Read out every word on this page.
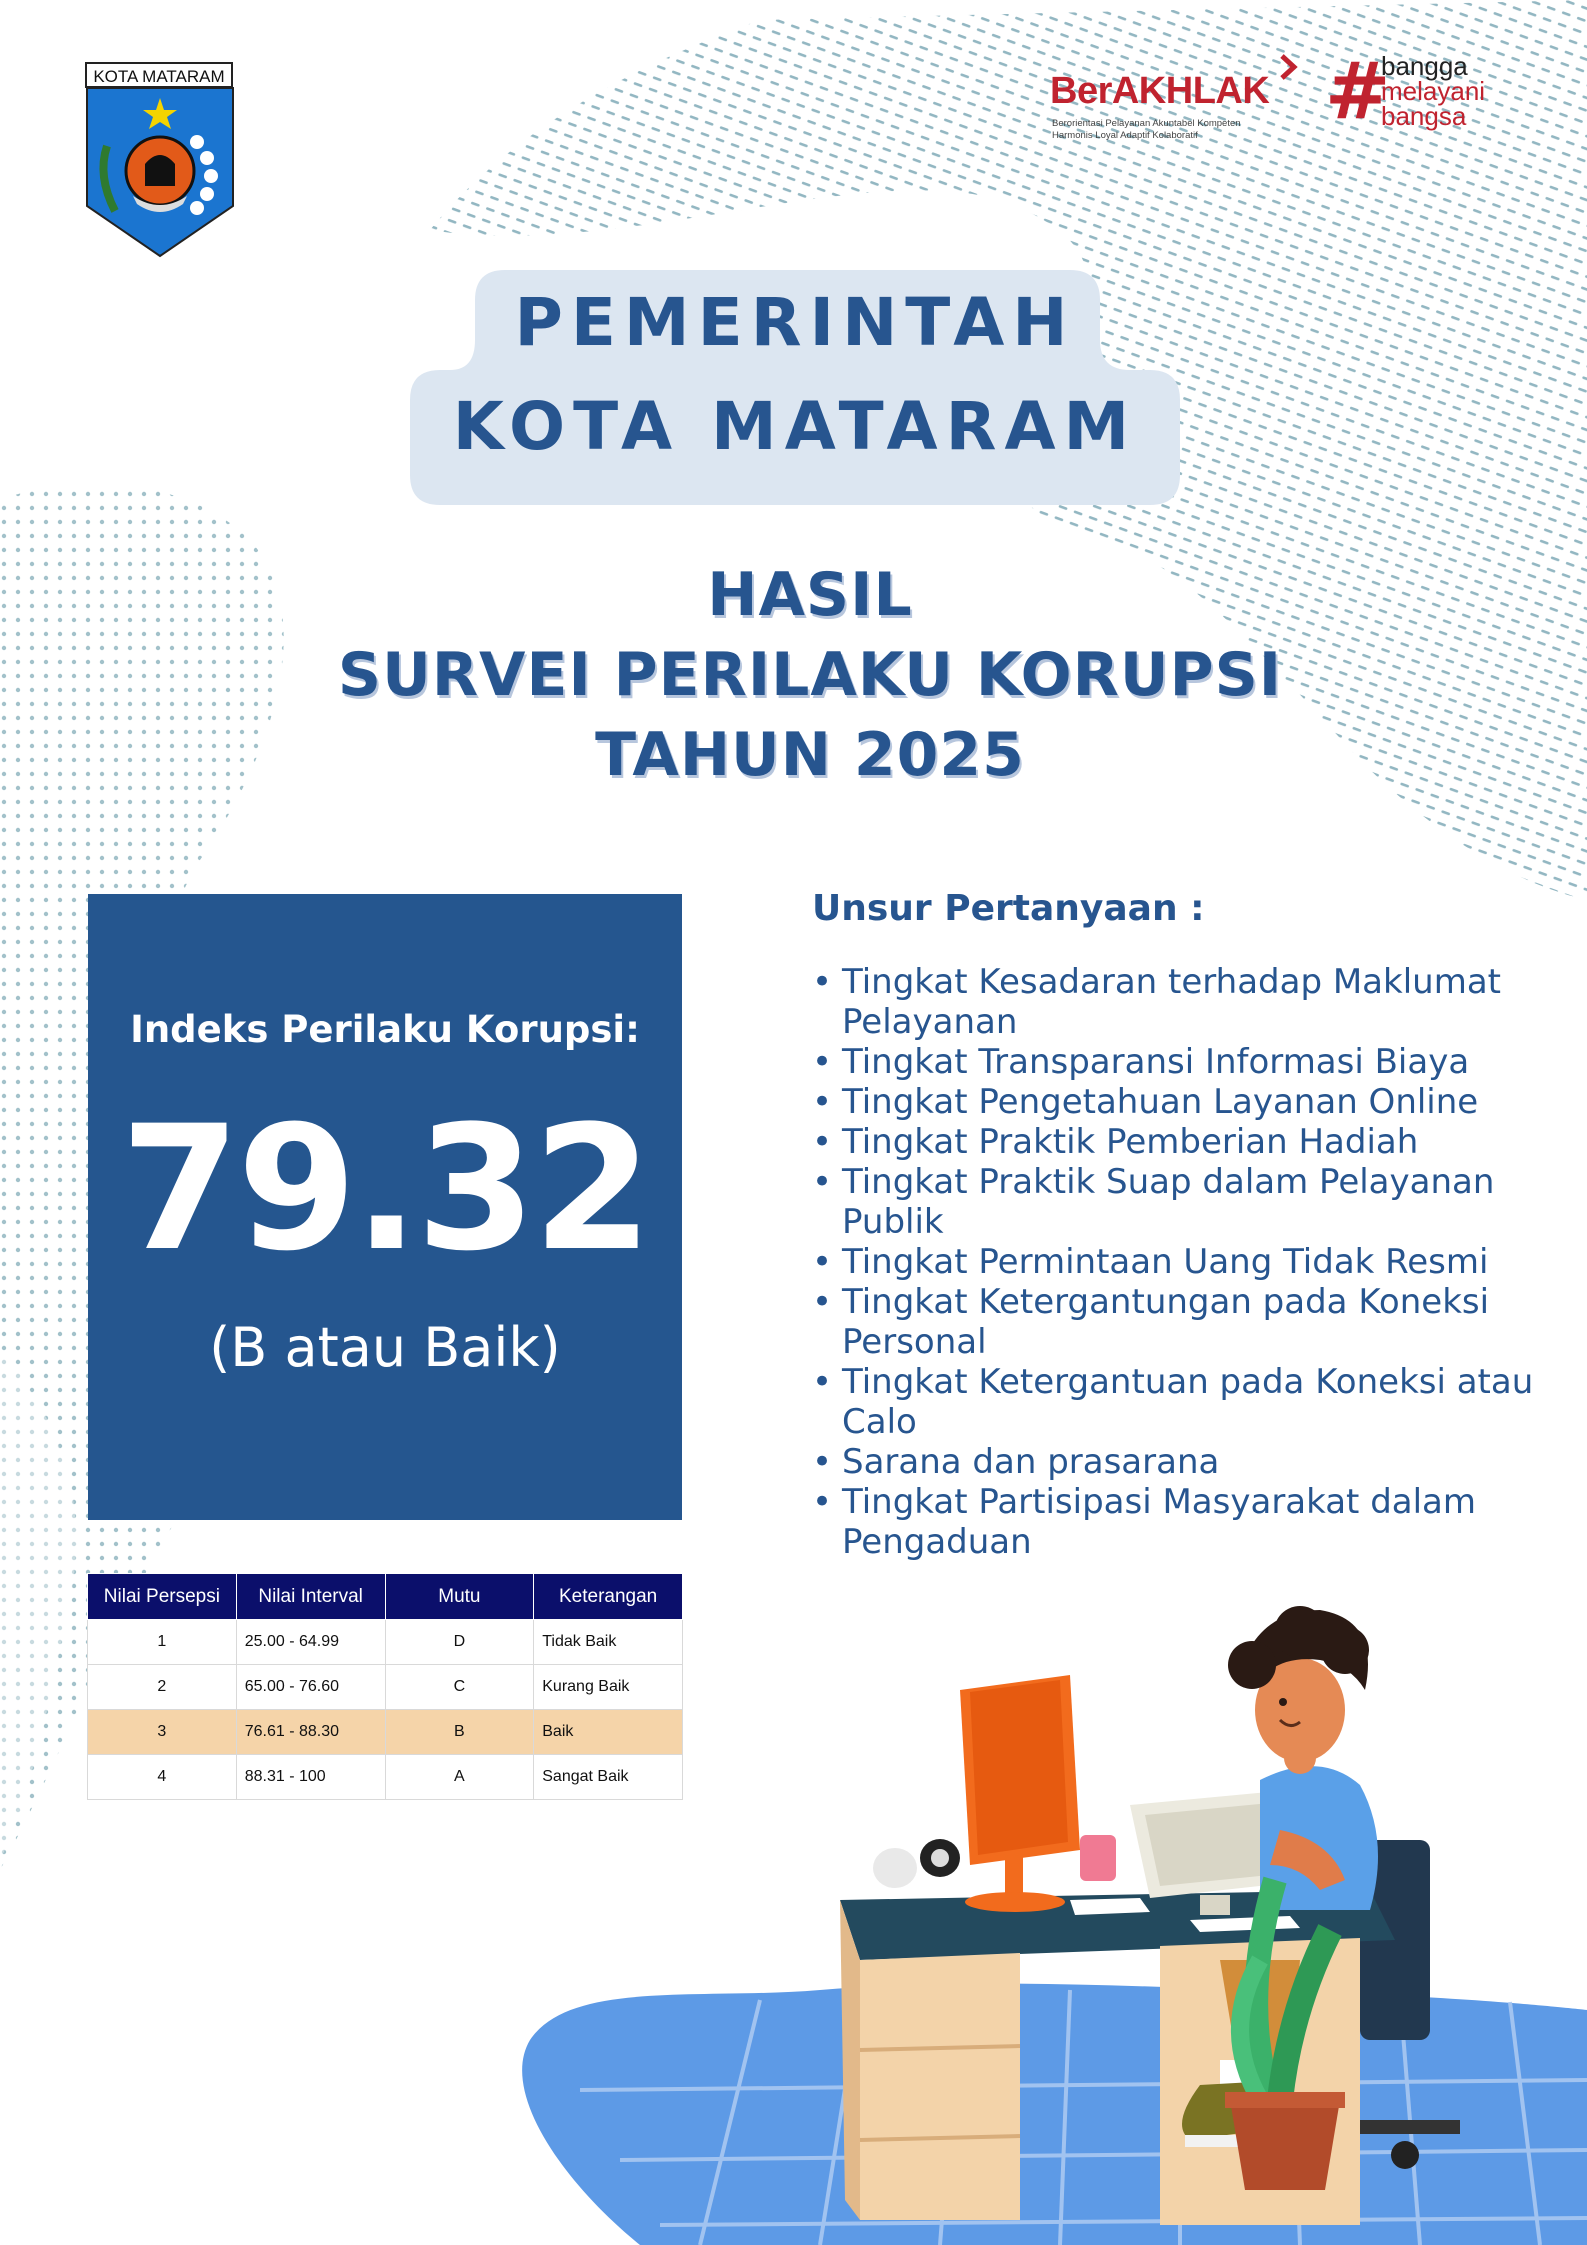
KOTA MATARAM	BerAKHLAK
Berorientasi Pelayanan Akuntabel Kompeten
Harmonis Loyal Adaptif Kolaboratif	#
bangga
melayani
bangsa
PEMERINTAH
KOTA MATARAM
HASIL
SURVEI PERILAKU KORUPSI
TAHUN 2025
Indeks Perilaku Korupsi:
79.32
(B atau Baik)
Nilai Persepsi	Nilai Interval	Mutu	Keterangan
1	25.00 - 64.99	D	Tidak Baik
2	65.00 - 76.60	C	Kurang Baik
3	76.61 - 88.30	B	Baik
4	88.31 - 100	A	Sangat Baik
Unsur Pertanyaan :
• Tingkat Kesadaran terhadap Maklumat Pelayanan
• Tingkat Transparansi Informasi Biaya
• Tingkat Pengetahuan Layanan Online
• Tingkat Praktik Pemberian Hadiah
• Tingkat Praktik Suap dalam Pelayanan Publik
• Tingkat Permintaan Uang Tidak Resmi
• Tingkat Ketergantungan pada Koneksi Personal
• Tingkat Ketergantuan pada Koneksi atau Calo
• Sarana dan prasarana
• Tingkat Partisipasi Masyarakat dalam Pengaduan
